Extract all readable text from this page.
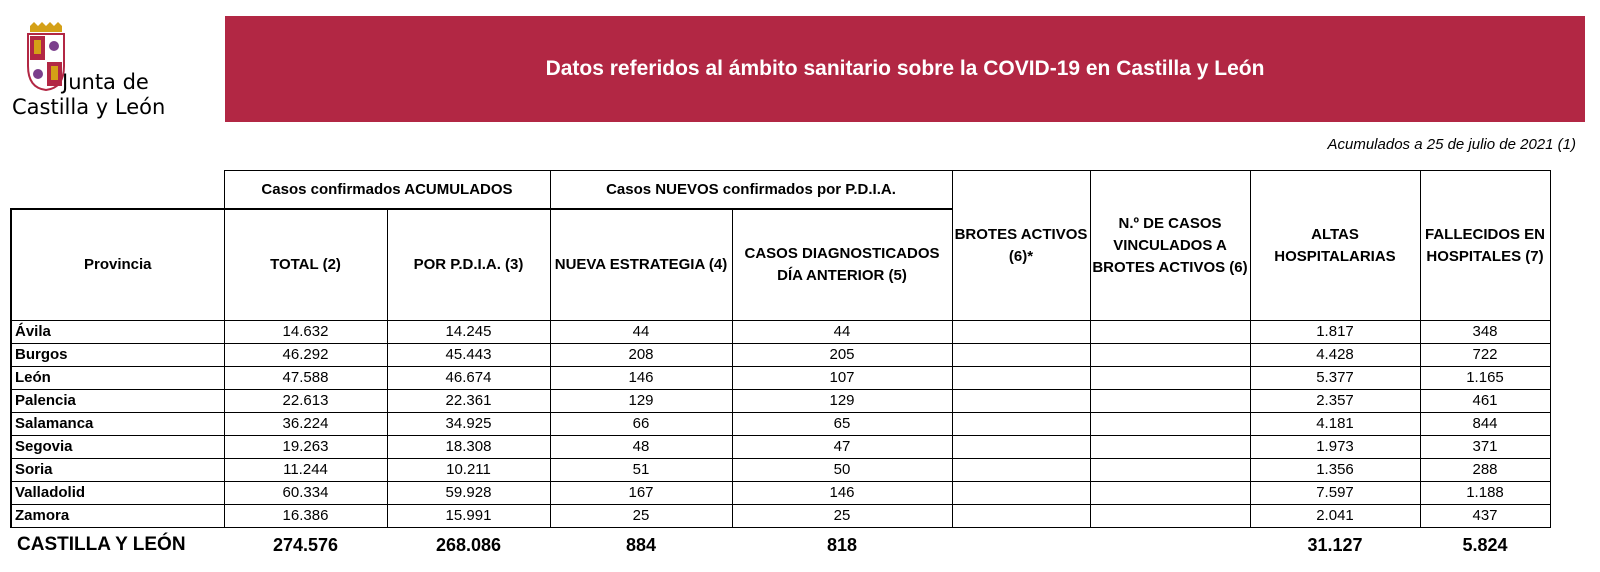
Junta de
Castilla y León
Datos referidos al ámbito sanitario sobre la COVID-19 en Castilla y León
Acumulados a 25 de julio de 2021 (1)
	Casos confirmados ACUMULADOS		Casos NUEVOS confirmados por P.D.I.A.		BROTES ACTIVOS (6)*	N.º DE CASOS VINCULADOS A BROTES ACTIVOS (6)	ALTAS HOSPITALARIAS	FALLECIDOS EN HOSPITALES (7)
Provincia	TOTAL (2)	POR P.D.I.A. (3)	NUEVA ESTRATEGIA (4)	CASOS DIAGNOSTICADOS DÍA ANTERIOR (5)				
Ávila	14.632	14.245	44	44			1.817	348
Burgos	46.292	45.443	208	205			4.428	722
León	47.588	46.674	146	107			5.377	1.165
Palencia	22.613	22.361	129	129			2.357	461
Salamanca	36.224	34.925	66	65			4.181	844
Segovia	19.263	18.308	48	47			1.973	371
Soria	11.244	10.211	51	50			1.356	288
Valladolid	60.334	59.928	167	146			7.597	1.188
Zamora	16.386	15.991	25	25			2.041	437
CASTILLA Y LEÓN	274.576	268.086	884	818			31.127	5.824
